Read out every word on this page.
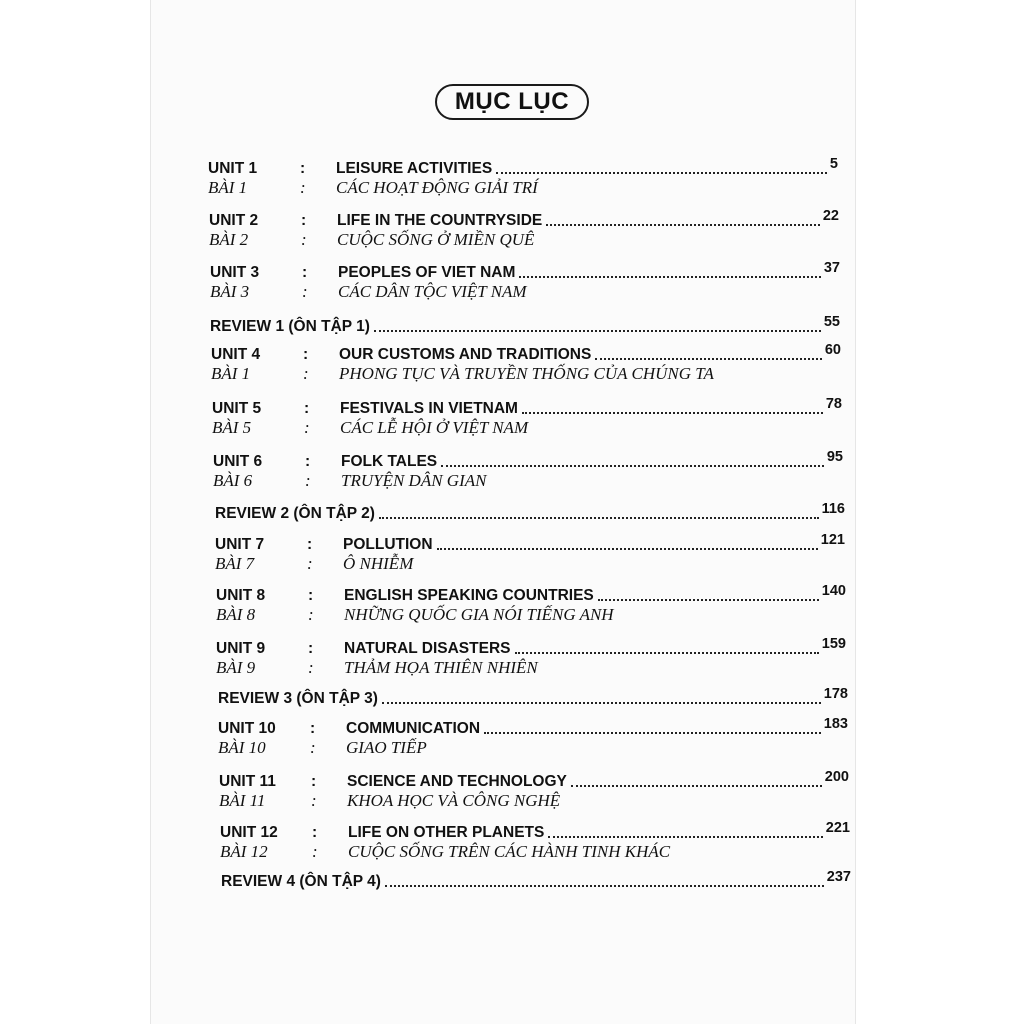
MỤC LỤC
UNIT 1	:	LEISURE ACTIVITIES	5
BÀI 1	:	CÁC HOẠT ĐỘNG GIẢI TRÍ
UNIT 2	:	LIFE IN THE COUNTRYSIDE	22
BÀI 2	:	CUỘC SỐNG Ở MIỀN QUÊ
UNIT 3	:	PEOPLES OF VIET NAM	37
BÀI 3	:	CÁC DÂN TỘC VIỆT NAM
REVIEW 1 (ÔN TẬP 1)	55
UNIT 4	:	OUR CUSTOMS AND TRADITIONS	60
BÀI 1	:	PHONG TỤC VÀ TRUYỀN THỐNG CỦA CHÚNG TA
UNIT 5	:	FESTIVALS IN VIETNAM	78
BÀI 5	:	CÁC LỄ HỘI Ở VIỆT NAM
UNIT 6	:	FOLK TALES	95
BÀI 6	:	TRUYỆN DÂN GIAN
REVIEW 2 (ÔN TẬP 2)	116
UNIT 7	:	POLLUTION	121
BÀI 7	:	Ô NHIỄM
UNIT 8	:	ENGLISH SPEAKING COUNTRIES	140
BÀI 8	:	NHỮNG QUỐC GIA NÓI TIẾNG ANH
UNIT 9	:	NATURAL DISASTERS	159
BÀI 9	:	THẢM HỌA THIÊN NHIÊN
REVIEW 3 (ÔN TẬP 3)	178
UNIT 10	:	COMMUNICATION	183
BÀI 10	:	GIAO TIẾP
UNIT 11	:	SCIENCE AND TECHNOLOGY	200
BÀI 11	:	KHOA HỌC VÀ CÔNG NGHỆ
UNIT 12	:	LIFE ON OTHER PLANETS	221
BÀI 12	:	CUỘC SỐNG TRÊN CÁC HÀNH TINH KHÁC
REVIEW 4 (ÔN TẬP 4)	237
